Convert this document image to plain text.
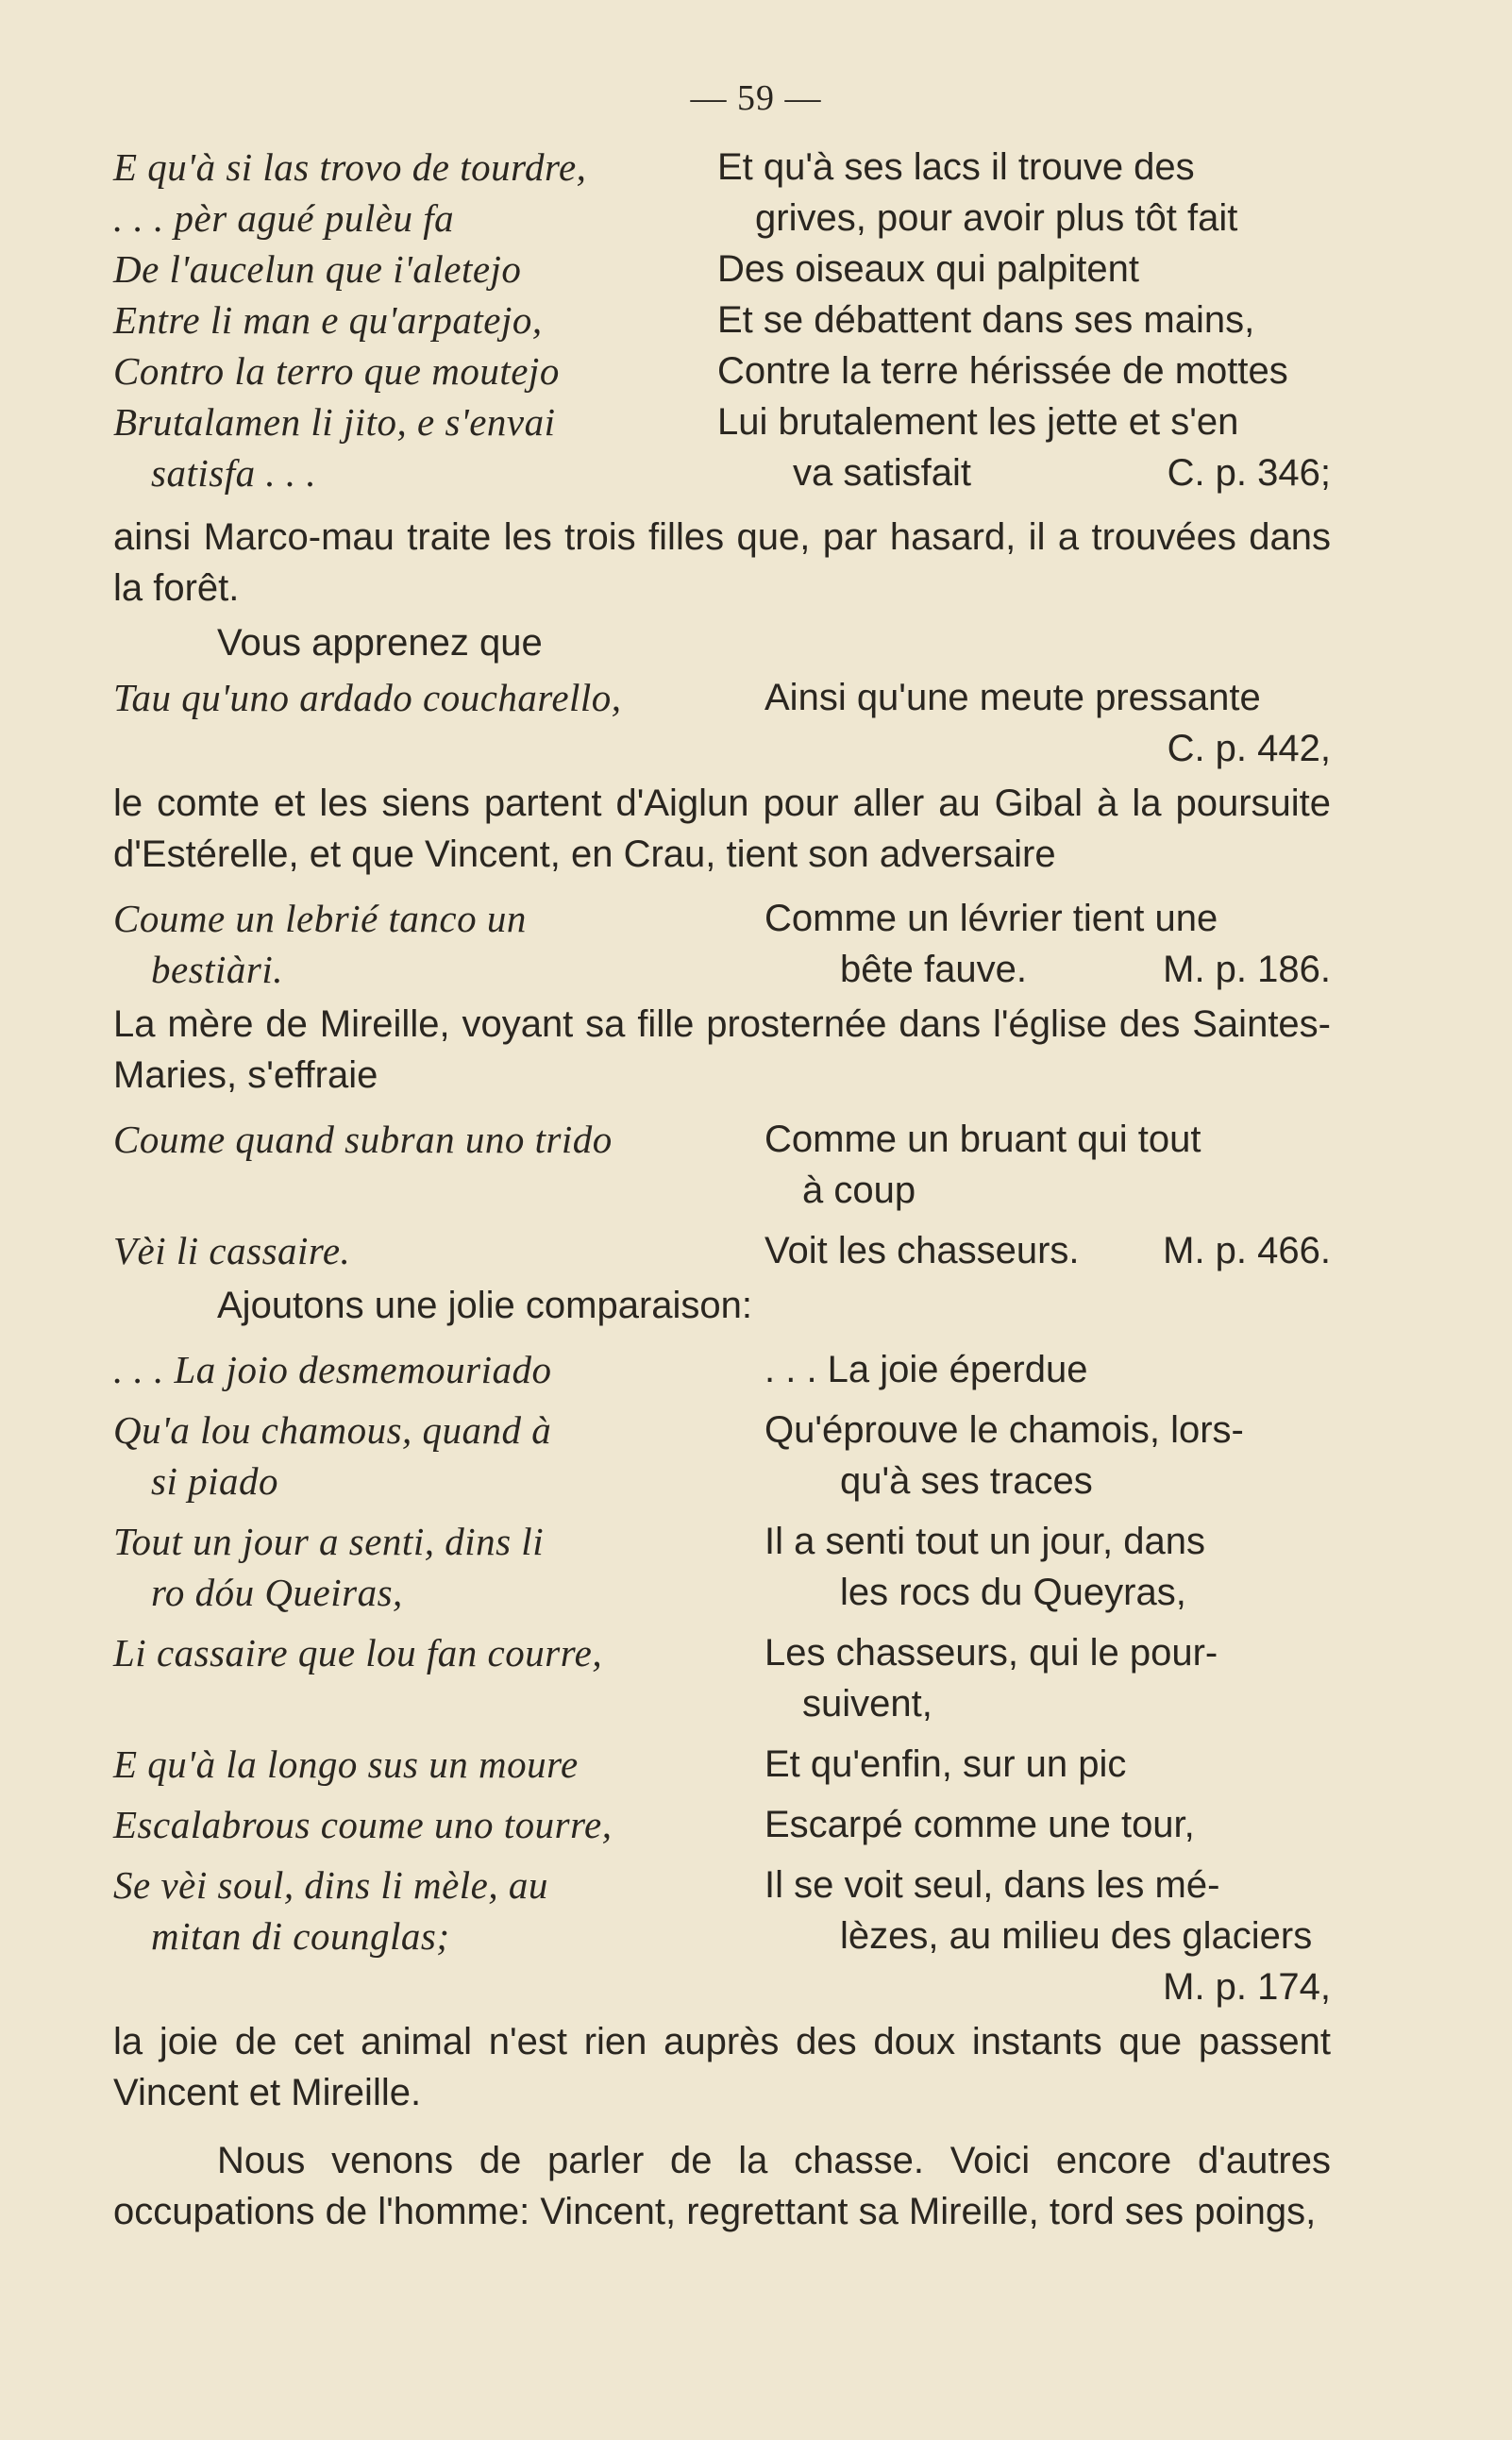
— 59 —
E qu'à si las trovo de tourdre,	Et qu'à ses lacs il trouve des
. . . pèr agué pulèu fa	grives, pour avoir plus tôt fait
De l'aucelun que i'aletejo	Des oiseaux qui palpitent
Entre li man e qu'arpatejo,	Et se débattent dans ses mains,
Contro la terro que moutejo	Contre la terre hérissée de mottes
Brutalamen li jito, e s'envai	Lui brutalement les jette et s'en
satisfa . . .	va satisfait	C. p. 346;
ainsi Marco-mau traite les trois filles que, par hasard, il a trouvées dans la forêt.
Vous apprenez que
Tau qu'uno ardado coucharello,	Ainsi qu'une meute pressante
C. p. 442,
le comte et les siens partent d'Aiglun pour aller au Gibal à la poursuite d'Estérelle, et que Vincent, en Crau, tient son adversaire
Coume un lebrié tanco un	Comme un lévrier tient une
bestiàri.	bête fauve.	M. p. 186.
La mère de Mireille, voyant sa fille prosternée dans l'église des Saintes-Maries, s'effraie
Coume quand subran uno trido	Comme un bruant qui tout
à coup
Vèi li cassaire.	Voit les chasseurs. M. p. 466.
Ajoutons une jolie comparaison:
. . . La joio desmemouriado	. . . La joie éperdue
Qu'a lou chamous, quand à	Qu'éprouve le chamois, lors-
si piado	qu'à ses traces
Tout un jour a senti, dins li	Il a senti tout un jour, dans
ro dóu Queiras,	les rocs du Queyras,
Li cassaire que lou fan courre,	Les chasseurs, qui le pour-
suivent,
E qu'à la longo sus un moure	Et qu'enfin, sur un pic
Escalabrous coume uno tourre,	Escarpé comme une tour,
Se vèi soul, dins li mèle, au	Il se voit seul, dans les mé-
mitan di counglas;	lèzes, au milieu des glaciers
M. p. 174,
la joie de cet animal n'est rien auprès des doux instants que passent Vincent et Mireille.
Nous venons de parler de la chasse. Voici encore d'autres occupations de l'homme: Vincent, regrettant sa Mireille, tord ses poings,
